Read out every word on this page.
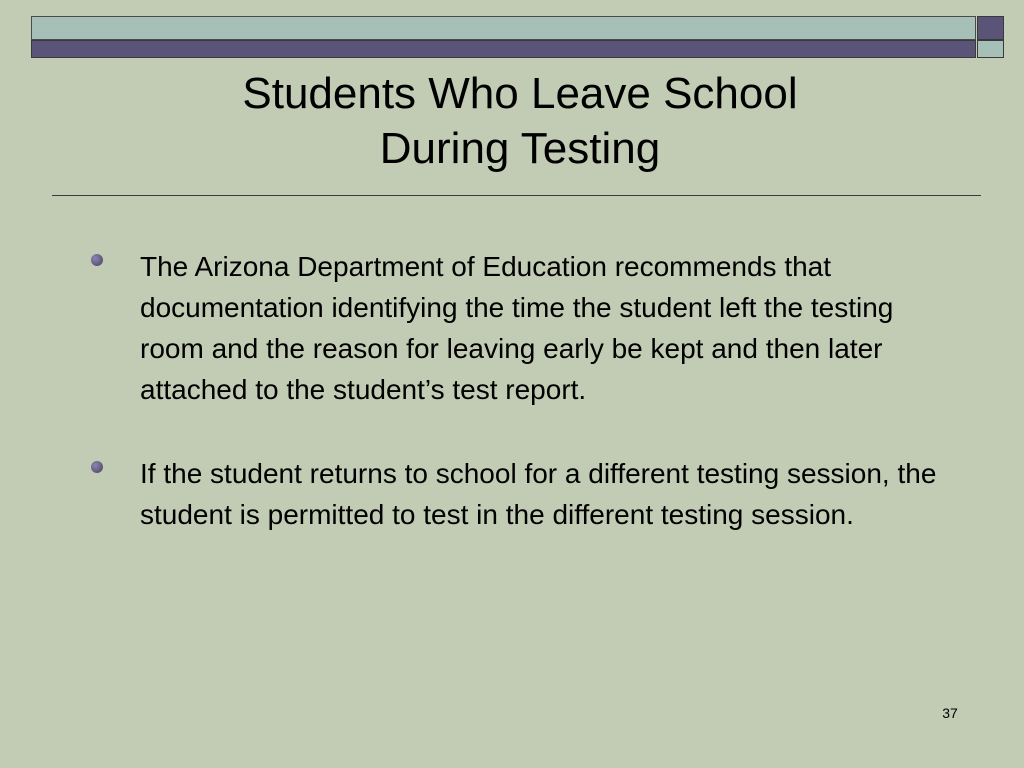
Students Who Leave School
During Testing
The Arizona Department of Education recommends that documentation identifying the time the student left the testing room and the reason for leaving early be kept and then later attached to the student’s test report.
If the student returns to school for a different testing session, the student is permitted to test in the different testing session.
37
